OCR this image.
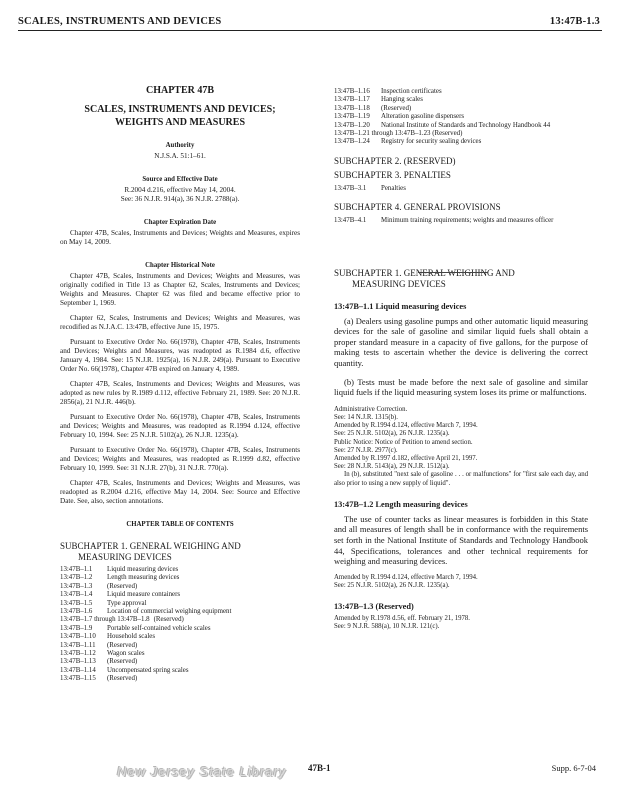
SCALES, INSTRUMENTS AND DEVICES	13:47B-1.3
CHAPTER 47B
SCALES, INSTRUMENTS AND DEVICES;
WEIGHTS AND MEASURES
Authority
N.J.S.A. 51:1–61.
Source and Effective Date
R.2004 d.216, effective May 14, 2004.
See: 36 N.J.R. 914(a), 36 N.J.R. 2788(a).
Chapter Expiration Date

Chapter 47B, Scales, Instruments and Devices; Weights and Measures, expires on May 14, 2009.

Chapter Historical Note

Chapter 47B, Scales, Instruments and Devices; Weights and Measures, was originally codified in Title 13 as Chapter 62, Scales, Instruments and Devices; Weights and Measures. Chapter 62 was filed and became effective prior to September 1, 1969.

Chapter 62, Scales, Instruments and Devices; Weights and Measures, was recodified as N.J.A.C. 13:47B, effective June 15, 1975.

Pursuant to Executive Order No. 66(1978), Chapter 47B, Scales, Instruments and Devices; Weights and Measures, was readopted as R.1984 d.6, effective January 4, 1984. See: 15 N.J.R. 1925(a), 16 N.J.R. 249(a). Pursuant to Executive Order No. 66(1978), Chapter 47B expired on January 4, 1989.

Chapter 47B, Scales, Instruments and Devices; Weights and Measures, was adopted as new rules by R.1989 d.112, effective February 21, 1989. See: 20 N.J.R. 2856(a), 21 N.J.R. 446(b).

Pursuant to Executive Order No. 66(1978), Chapter 47B, Scales, Instruments and Devices; Weights and Measures, was readopted as R.1994 d.124, effective February 10, 1994. See: 25 N.J.R. 5102(a), 26 N.J.R. 1235(a).

Pursuant to Executive Order No. 66(1978), Chapter 47B, Scales, Instruments and Devices; Weights and Measures, was readopted as R.1999 d.82, effective February 10, 1999. See: 31 N.J.R. 27(b), 31 N.J.R. 770(a).

Chapter 47B, Scales, Instruments and Devices; Weights and Measures, was readopted as R.2004 d.216, effective May 14, 2004. See: Source and Effective Date. See, also, section annotations.

CHAPTER TABLE OF CONTENTS
SUBCHAPTER 1. GENERAL WEIGHING AND
MEASURING DEVICES
13:47B–1.1	Liquid measuring devices
13:47B–1.2	Length measuring devices
13:47B–1.3	(Reserved)
13:47B–1.4	Liquid measure containers
13:47B–1.5	Type approval
13:47B–1.6	Location of commercial weighing equipment
13:47B–1.7 through 13:47B–1.8 (Reserved)
13:47B–1.9	Portable self-contained vehicle scales
13:47B–1.10	Household scales
13:47B–1.11	(Reserved)
13:47B–1.12	Wagon scales
13:47B–1.13	(Reserved)
13:47B–1.14	Uncompensated spring scales
13:47B–1.15	(Reserved)
13:47B–1.16	Inspection certificates
13:47B–1.17	Hanging scales
13:47B–1.18	(Reserved)
13:47B–1.19	Alteration gasoline dispensers
13:47B–1.20	National Institute of Standards and Technology Handbook 44
13:47B–1.21 through 13:47B–1.23 (Reserved)
13:47B–1.24	Registry for security sealing devices
SUBCHAPTER 2. (RESERVED)
SUBCHAPTER 3. PENALTIES
13:47B–3.1	Penalties
SUBCHAPTER 4. GENERAL PROVISIONS
13:47B–4.1	Minimum training requirements; weights and measures officer
SUBCHAPTER 1. GENERAL WEIGHING AND
MEASURING DEVICES
13:47B–1.1 Liquid measuring devices

(a) Dealers using gasoline pumps and other automatic liquid measuring devices for the sale of gasoline and similar liquid fuels shall obtain a proper standard measure in a capacity of five gallons, for the purpose of making tests to ascertain whether the device is delivering the correct quantity.

(b) Tests must be made before the next sale of gasoline and similar liquid fuels if the liquid measuring system loses its prime or malfunctions.

Administrative Correction.
See: 14 N.J.R. 1315(b).
Amended by R.1994 d.124, effective March 7, 1994.
See: 25 N.J.R. 5102(a), 26 N.J.R. 1235(a).
Public Notice: Notice of Petition to amend section.
See: 27 N.J.R. 2977(c).
Amended by R.1997 d.182, effective April 21, 1997.
See: 28 N.J.R. 5143(a), 29 N.J.R. 1512(a).

In (b), substituted "next sale of gasoline . . . or malfunctions" for "first sale each day, and also prior to using a new supply of liquid".

13:47B–1.2 Length measuring devices

The use of counter tacks as linear measures is forbidden in this State and all measures of length shall be in conformance with the requirements set forth in the National Institute of Standards and Technology Handbook 44, Specifications, tolerances and other technical requirements for weighing and measuring devices.

Amended by R.1994 d.124, effective March 7, 1994.
See: 25 N.J.R. 5102(a), 26 N.J.R. 1235(a).
13:47B–1.3 (Reserved)
Amended by R.1978 d.56, eff. February 21, 1978.
See: 9 N.J.R. 588(a), 10 N.J.R. 121(c).
New Jersey State Library 47B-1	Supp. 6-7-04
